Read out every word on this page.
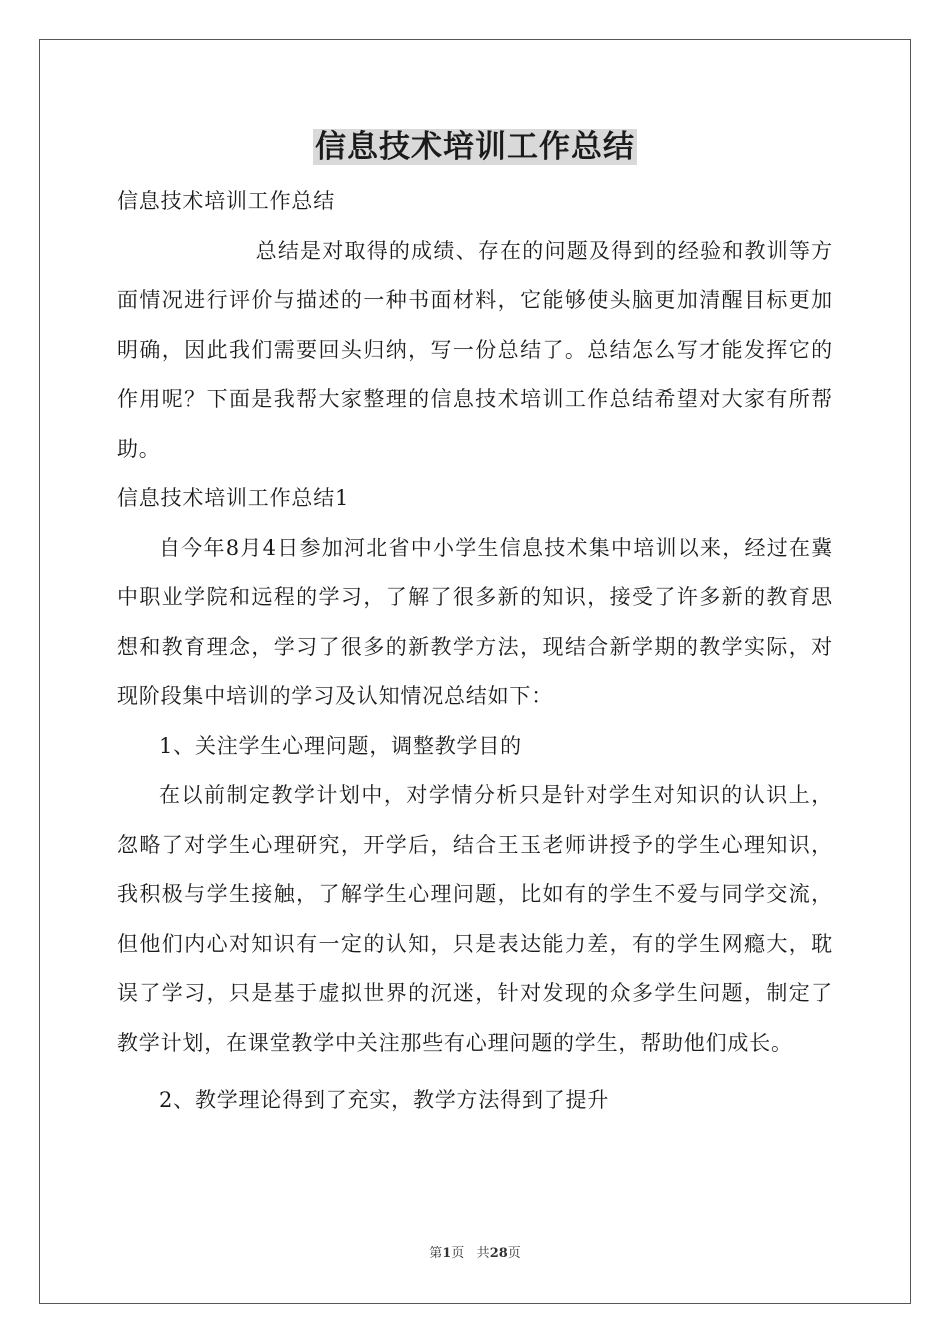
信息技术培训工作总结

信息技术培训工作总结

总结是对取得的成绩、存在的问题及得到的经验和教训等方面情况进行评价与描述的一种书面材料，它能够使头脑更加清醒目标更加明确，因此我们需要回头归纳，写一份总结了。总结怎么写才能发挥它的作用呢？下面是我帮大家整理的信息技术培训工作总结希望对大家有所帮助。

信息技术培训工作总结1

自今年8月4日参加河北省中小学生信息技术集中培训以来，经过在冀中职业学院和远程的学习，了解了很多新的知识，接受了许多新的教育思想和教育理念，学习了很多的新教学方法，现结合新学期的教学实际，对现阶段集中培训的学习及认知情况总结如下：

1、关注学生心理问题，调整教学目的

在以前制定教学计划中，对学情分析只是针对学生对知识的认识上，忽略了对学生心理研究，开学后，结合王玉老师讲授予的学生心理知识，我积极与学生接触，了解学生心理问题，比如有的学生不爱与同学交流，但他们内心对知识有一定的认知，只是表达能力差，有的学生网瘾大，耽误了学习，只是基于虚拟世界的沉迷，针对发现的众多学生问题，制定了教学计划，在课堂教学中关注那些有心理问题的学生，帮助他们成长。

2、教学理论得到了充实，教学方法得到了提升

第1页 共28页
